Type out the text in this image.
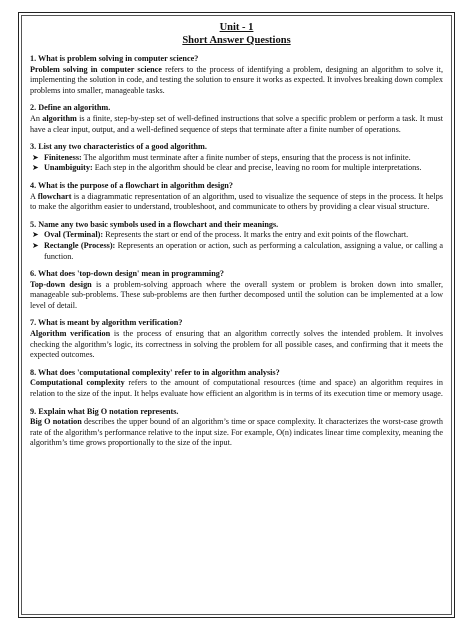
Unit - 1
Short Answer Questions
1. What is problem solving in computer science?
Problem solving in computer science refers to the process of identifying a problem, designing an algorithm to solve it, implementing the solution in code, and testing the solution to ensure it works as expected. It involves breaking down complex problems into smaller, manageable tasks.
2. Define an algorithm.
An algorithm is a finite, step-by-step set of well-defined instructions that solve a specific problem or perform a task. It must have a clear input, output, and a well-defined sequence of steps that terminate after a finite number of operations.
3. List any two characteristics of a good algorithm.
➤ Finiteness: The algorithm must terminate after a finite number of steps, ensuring that the process is not infinite.
➤ Unambiguity: Each step in the algorithm should be clear and precise, leaving no room for multiple interpretations.
4. What is the purpose of a flowchart in algorithm design?
A flowchart is a diagrammatic representation of an algorithm, used to visualize the sequence of steps in the process. It helps to make the algorithm easier to understand, troubleshoot, and communicate to others by providing a clear visual structure.
5. Name any two basic symbols used in a flowchart and their meanings.
➤ Oval (Terminal): Represents the start or end of the process. It marks the entry and exit points of the flowchart.
➤ Rectangle (Process): Represents an operation or action, such as performing a calculation, assigning a value, or calling a function.
6. What does 'top-down design' mean in programming?
Top-down design is a problem-solving approach where the overall system or problem is broken down into smaller, manageable sub-problems. These sub-problems are then further decomposed until the solution can be implemented at a low level of detail.
7. What is meant by algorithm verification?
Algorithm verification is the process of ensuring that an algorithm correctly solves the intended problem. It involves checking the algorithm’s logic, its correctness in solving the problem for all possible cases, and confirming that it meets the expected outcomes.
8. What does 'computational complexity' refer to in algorithm analysis?
Computational complexity refers to the amount of computational resources (time and space) an algorithm requires in relation to the size of the input. It helps evaluate how efficient an algorithm is in terms of its execution time or memory usage.
9. Explain what Big O notation represents.
Big O notation describes the upper bound of an algorithm’s time or space complexity. It characterizes the worst-case growth rate of the algorithm’s performance relative to the input size. For example, O(n) indicates linear time complexity, meaning the algorithm’s time grows proportionally to the size of the input.
